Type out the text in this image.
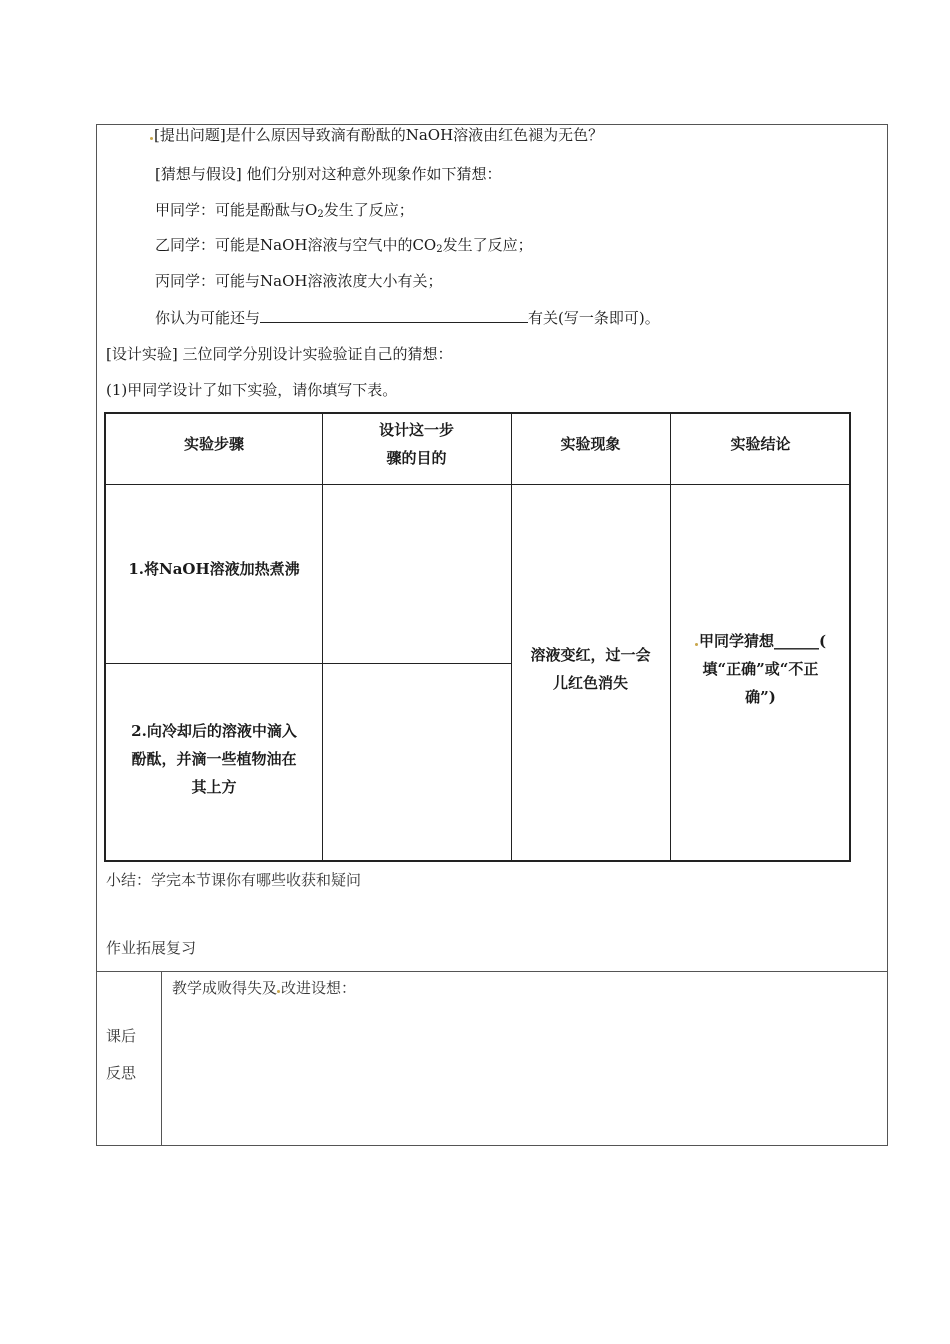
[提出问题]是什么原因导致滴有酚酞的NaOH溶液由红色褪为无色？
[猜想与假设] 他们分别对这种意外现象作如下猜想：
甲同学：可能是酚酞与$O_2$发生了反应；
乙同学：可能是NaOH溶液与空气中的$CO_2$发生了反应；
丙同学：可能与NaOH溶液浓度大小有关；
你认为可能还与	有关(写一条即可)。
[设计实验] 三位同学分别设计实验验证自己的猜想：
(1)甲同学设计了如下实验，请你填写下表。
实验步骤
设计这一步
骤的目的
实验现象	实验结论
1.将NaOH溶液加热煮沸
2.向冷却后的溶液中滴入
酚酞，并滴一些植物油在
其上方
溶液变红，过一会
儿红色消失
甲同学猜想______(
填“正确”或“不正
确”)
小结：学完本节课你有哪些收获和疑问
作业拓展复习
课后
反思
教学成败得失及 改进设想：
